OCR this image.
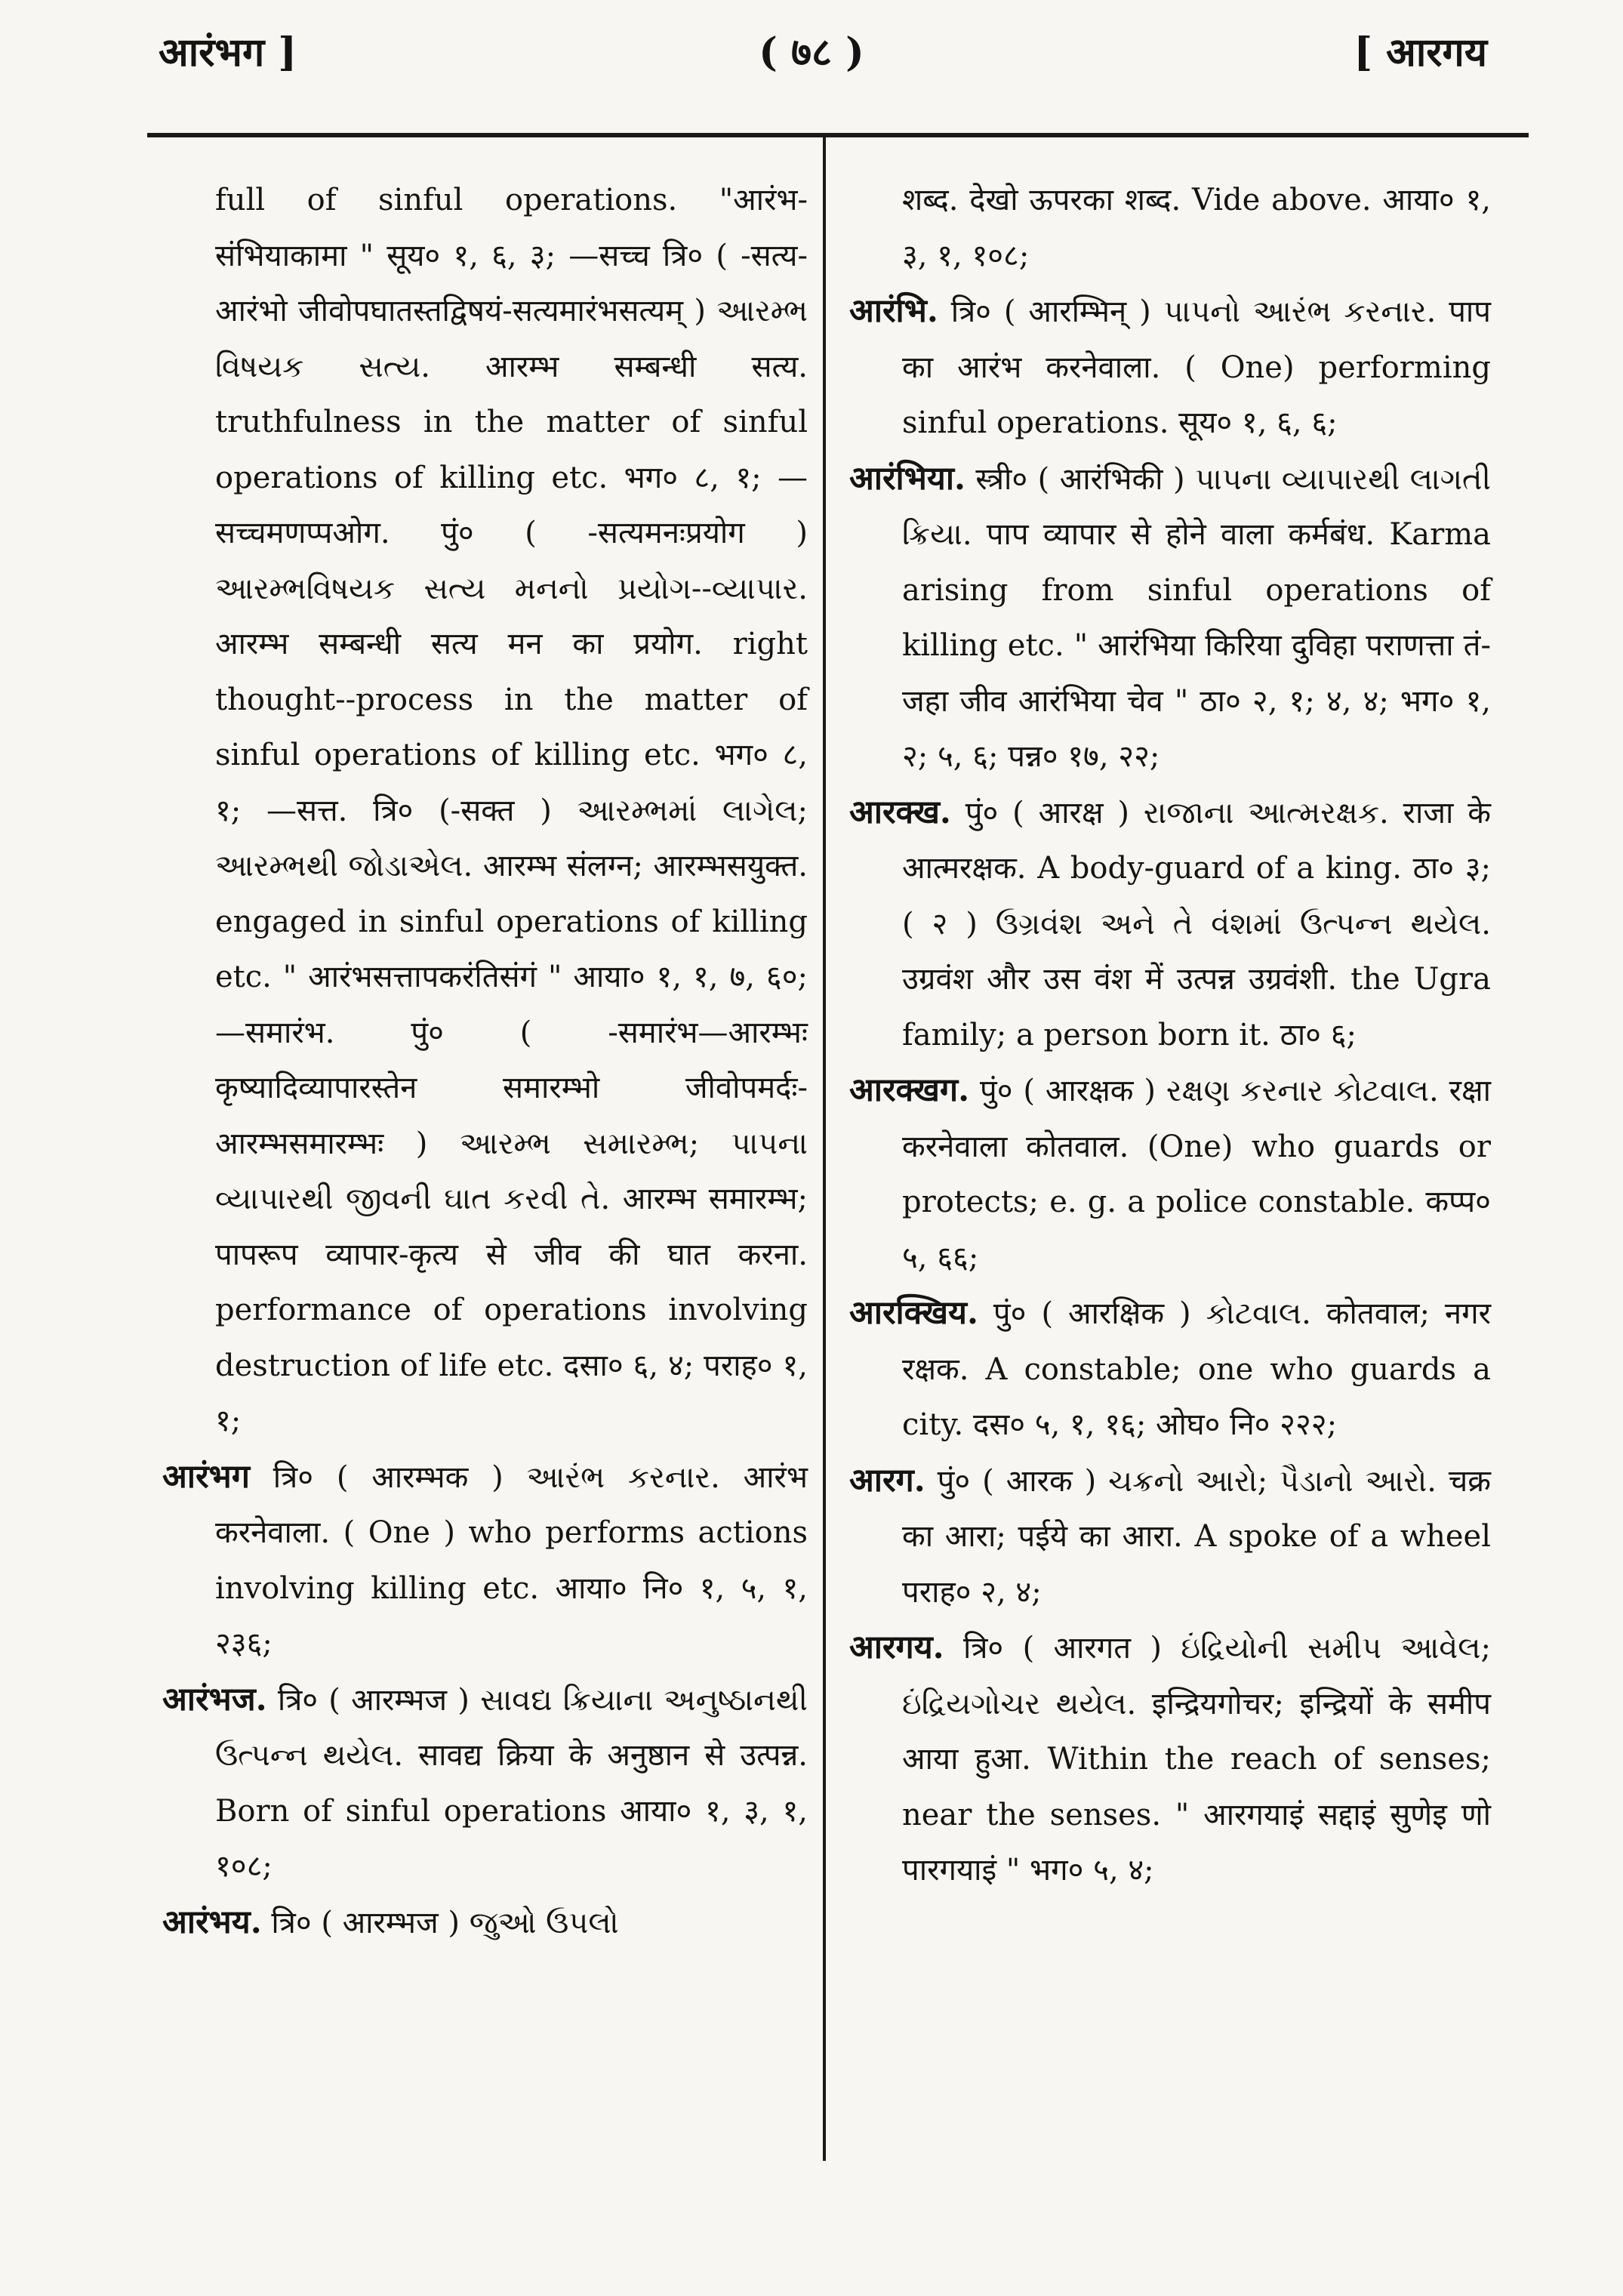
आरंभग ]	( ७८ )	[ आरगय

full of sinful operations. "आरंभ-संभियाकामा " सूय० १, ६, ३; —सच्च त्रि० ( -सत्य-आरंभो जीवोपघातस्तद्विषयं-सत्यमारंभसत्यम् ) આરમ્ભ વિષયક સત્ય. आरम्भ सम्बन्धी सत्य. truthfulness in the matter of sinful operations of killing etc. भग० ८, १; —सच्चमणप्पओग. पुं० ( -सत्यमनःप्रयोग ) આરમ્ભવિષયક સત્ય મનનો પ્રયોગ--વ્યાપાર. आरम्भ सम्बन्धी सत्य मन का प्रयोग. right thought--process in the matter of sinful operations of killing etc. भग० ८, १; —सत्त. त्रि० (-सक्त ) આરમ્ભમાં લાગેલ; આરમ્ભથી જોડાએલ. आरम्भ संलग्न; आरम्भसयुक्त. engaged in sinful operations of killing etc. " आरंभसत्तापकरंतिसंगं " आया० १, १, ७, ६०; —समारंभ. पुं० ( -समारंभ—आरम्भः कृष्यादिव्यापारस्तेन समारम्भो जीवोपमर्दः-आरम्भसमारम्भः ) આરમ્ભ સમારમ્ભ; પાપના વ્યાપારથી જીવની ઘાત કરવી તે. आरम्भ समारम्भ; पापरूप व्यापार-कृत्य से जीव की घात करना. performance of operations involving destruction of life etc. दसा० ६, ४; पराह० १, १;

आरंभग त्रि० ( आरम्भक ) આરંભ કરનાર. आरंभ करनेवाला. ( One ) who performs actions involving killing etc. आया० नि० १, ५, १, २३६;

आरंभज. त्रि० ( आरम्भज ) સાવદ્ય ક્રિયાના અનુષ્ઠાનથી ઉત્પન્ન થયેલ. सावद्य क्रिया के अनुष्ठान से उत्पन्न. Born of sinful operations आया० १, ३, १, १०८;

आरंभय. त्रि० ( आरम्भज ) જુઓ ઉપલો

शब्द. देखो ऊपरका शब्द. Vide above. आया० १, ३, १, १०८;

आरंभि. त्रि० ( आरम्भिन् ) પાપનો આરંભ કરનાર. पाप का आरंभ करनेवाला. ( One) performing sinful operations. सूय० १, ६, ६;

आरंभिया. स्त्री० ( आरंभिकी ) પાપના વ્યાપારથી લાગતી ક્રિયા. पाप व्यापार से होने वाला कर्मबंध. Karma arising from sinful operations of killing etc. " आरंभिया किरिया दुविहा पराणत्ता तं-जहा जीव आरंभिया चेव " ठा० २, १; ४, ४; भग० १, २; ५, ६; पन्न० १७, २२;

आरक्ख. पुं० ( आरक्ष ) રાજાના આત્મરક્ષક. राजा के आत्मरक्षक. A body-guard of a king. ठा० ३; ( २ ) ઉગ્રવંશ અને તે વંશમાં ઉત્પન્ન થયેલ. उग्रवंश और उस वंश में उत्पन्न उग्रवंशी. the Ugra family; a person born it. ठा० ६;

आरक्खग. पुं० ( आरक्षक ) રક્ષણ કરનાર કોટવાલ. रक्षा करनेवाला कोतवाल. (One) who guards or protects; e. g. a police constable. कप्प० ५, ६६;

आरक्खिय. पुं० ( आरक्षिक ) કોટવાલ. कोतवाल; नगर रक्षक. A constable; one who guards a city. दस० ५, १, १६; ओघ० नि० २२२;

आरग. पुं० ( आरक ) ચક્રનો આરો; પૈડાનો આરો. चक्र का आरा; पईये का आरा. A spoke of a wheel पराह० २, ४;

आरगय. त्रि० ( आरगत ) ઇંદ્રિયોની સમીપ આવેલ; ઇંદ્રિયગોચર થયેલ. इन्द्रियगोचर; इन्द्रियों के समीप आया हुआ. Within the reach of senses; near the senses. " आरगयाइं सद्दाइं सुणेइ णो पारगयाइं " भग० ५, ४;
